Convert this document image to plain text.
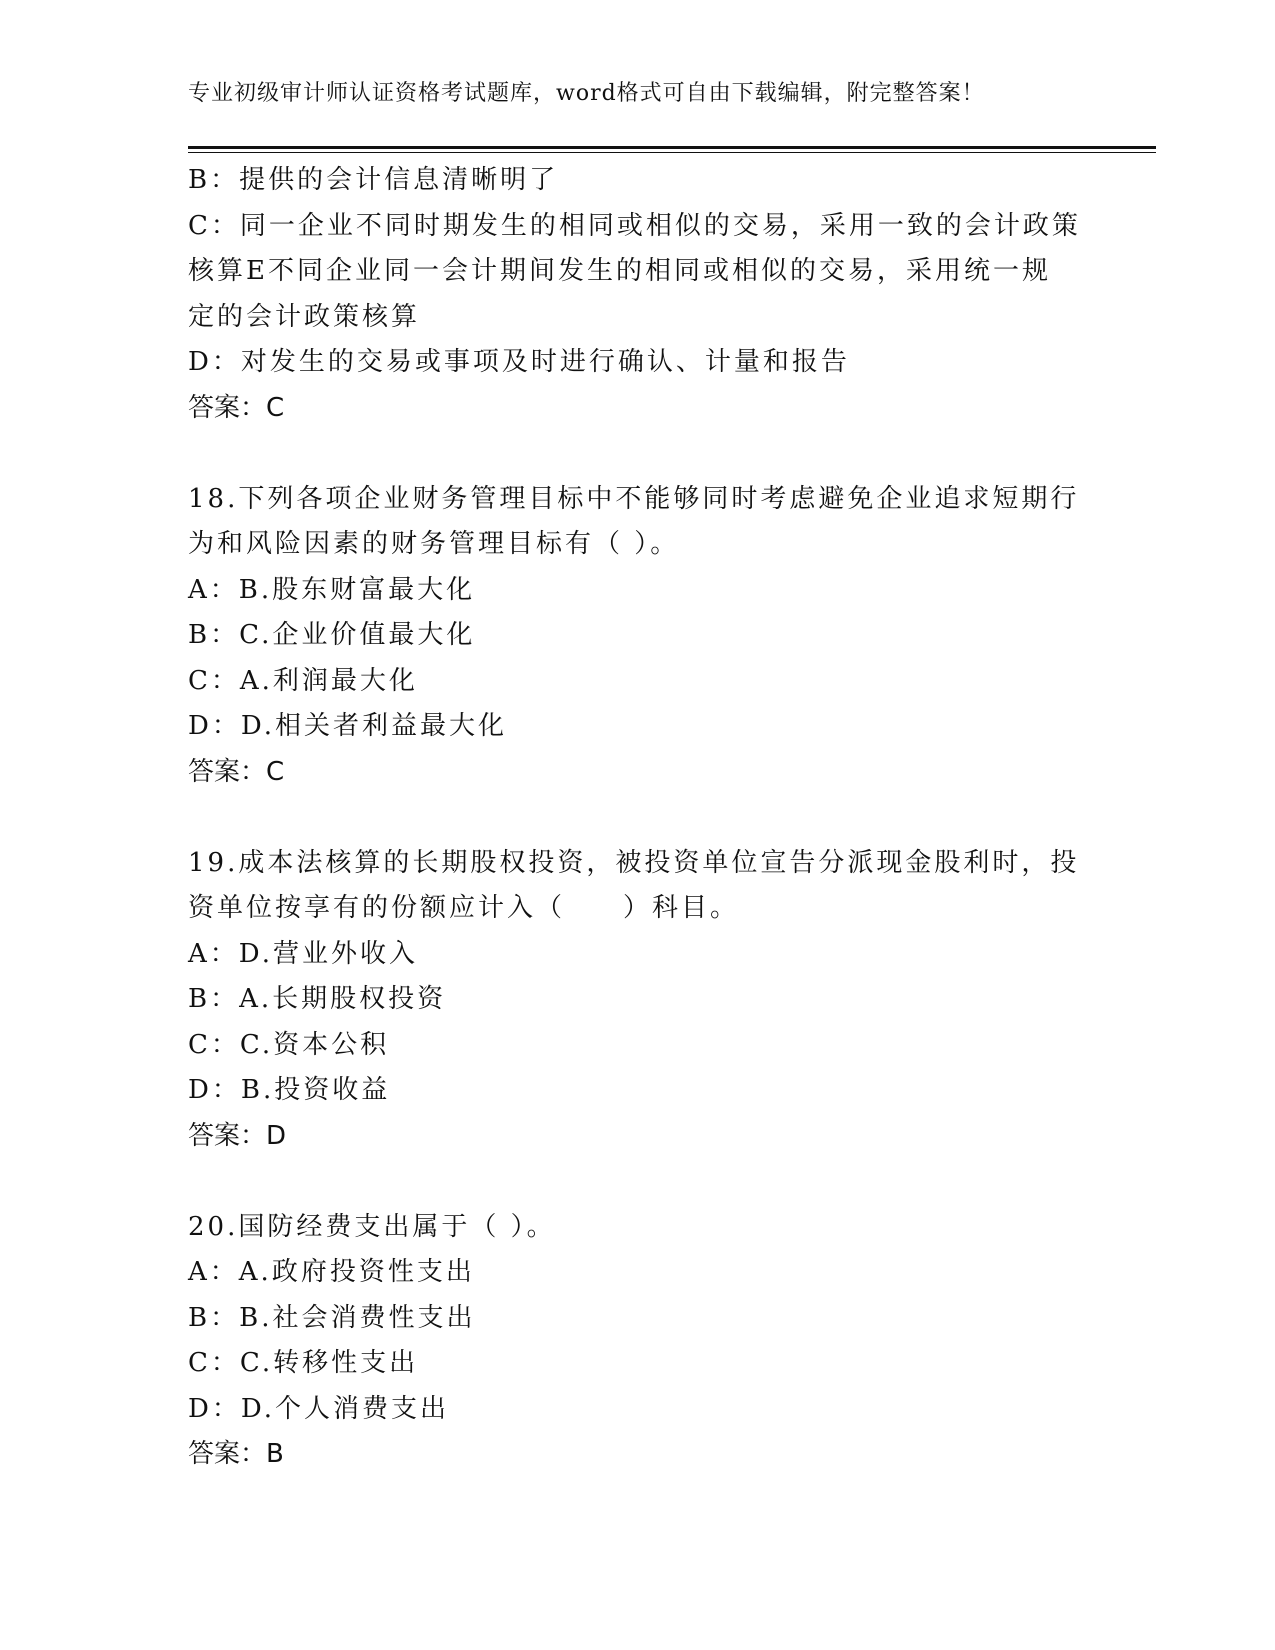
专业初级审计师认证资格考试题库，word格式可自由下载编辑，附完整答案！
B：提供的会计信息清晰明了
C：同一企业不同时期发生的相同或相似的交易，采用一致的会计政策
核算E不同企业同一会计期间发生的相同或相似的交易，采用统一规
定的会计政策核算
D：对发生的交易或事项及时进行确认、计量和报告
答案：C
18.下列各项企业财务管理目标中不能够同时考虑避免企业追求短期行
为和风险因素的财务管理目标有（ ）。
A：B.股东财富最大化
B：C.企业价值最大化
C：A.利润最大化
D：D.相关者利益最大化
答案：C
19.成本法核算的长期股权投资，被投资单位宣告分派现金股利时，投
资单位按享有的份额应计入（　　）科目。
A：D.营业外收入
B：A.长期股权投资
C：C.资本公积
D：B.投资收益
答案：D
20.国防经费支出属于（ ）。
A：A.政府投资性支出
B：B.社会消费性支出
C：C.转移性支出
D：D.个人消费支出
答案：B
